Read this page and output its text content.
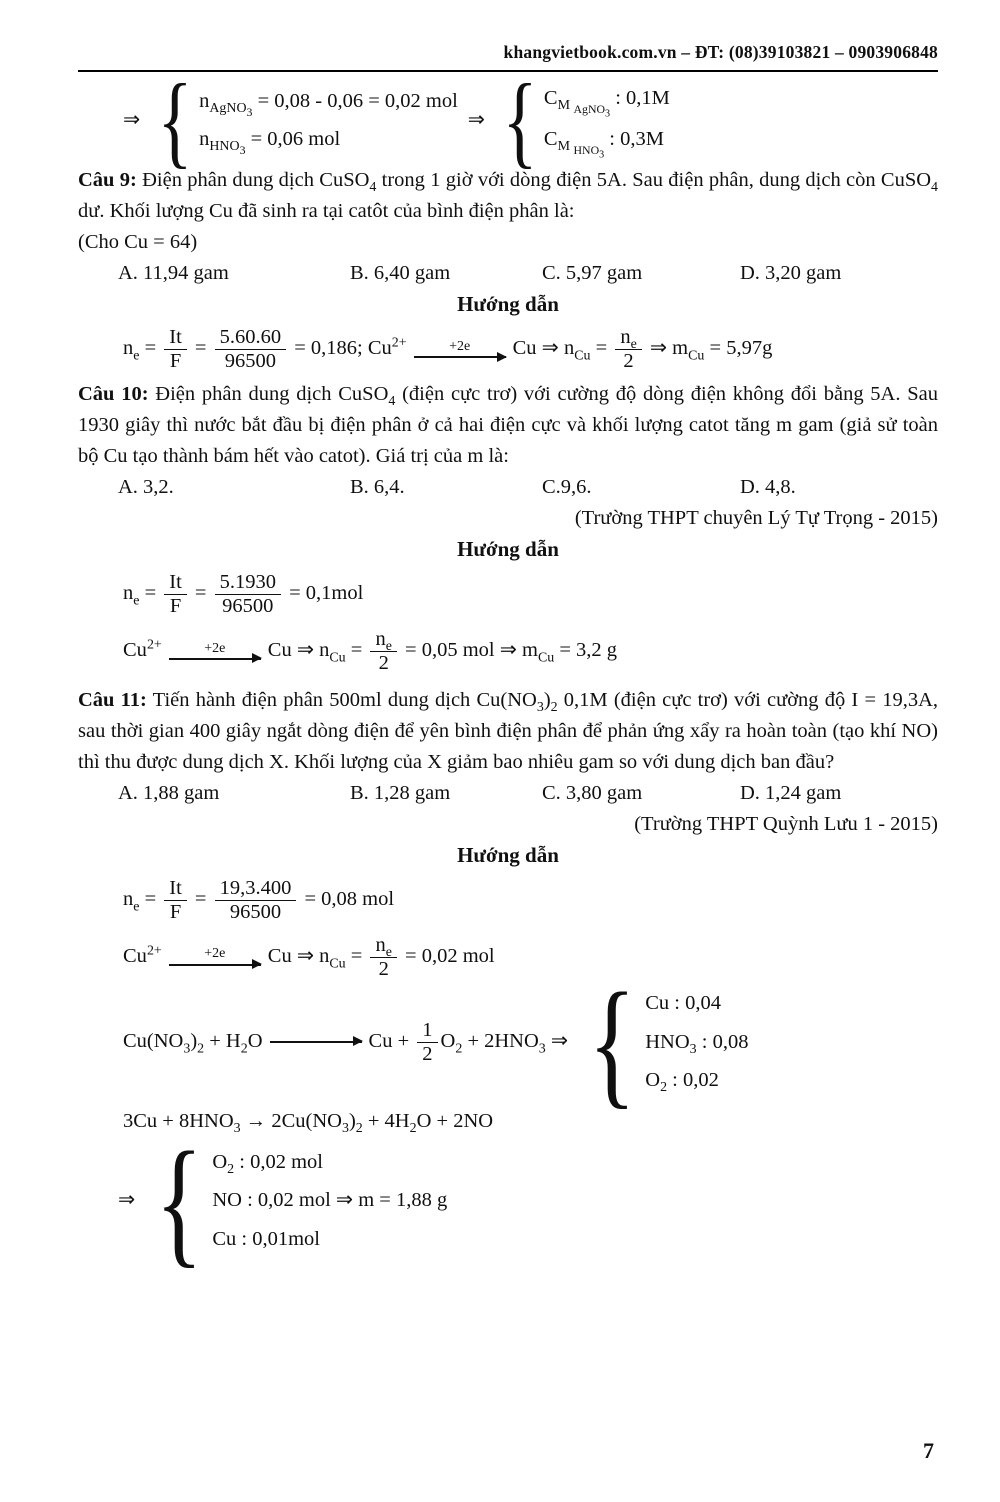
khangvietbook.com.vn – ĐT: (08)39103821 – 0903906848
⇒ { $n_{AgNO_3} = 0,08 - 0,06 = 0,02$ mol
$n_{HNO_3} = 0,06$ mol
⇒ { $C_{M _{AgNO_3}}$ : 0,1M
$C_{M _{HNO_3}}$ : 0,3M

Câu 9: Điện phân dung dịch CuSO$_4$ trong 1 giờ với dòng điện 5A. Sau điện phân, dung dịch còn CuSO$_4$ dư. Khối lượng Cu đã sinh ra tại catôt của bình điện phân là:

(Cho Cu = 64)
A. 11,94 gam	B. 6,40 gam	C. 5,97 gam	D. 3,20 gam
Hướng dẫn
$n_e = \frac{It}{F} = \frac{5.60.60}{96500} = 0,186$; $Cu^{2+}$	+2e Cu ⇒ $n_{Cu} = \frac{n_e}{2}$ ⇒ $m_{Cu} = 5,97g$

Câu 10: Điện phân dung dịch CuSO$_4$ (điện cực trơ) với cường độ dòng điện không đổi bằng 5A. Sau 1930 giây thì nước bắt đầu bị điện phân ở cả hai điện cực và khối lượng catot tăng m gam (giả sử toàn bộ Cu tạo thành bám hết vào catot). Giá trị của m là:

A. 3,2.	B. 6,4.	C.9,6.	D. 4,8.
(Trường THPT chuyên Lý Tự Trọng - 2015)
Hướng dẫn
$n_e = \frac{It}{F} = \frac{5.1930}{96500} = 0,1mol$
$Cu^{2+}$	+2e Cu ⇒ $n_{Cu} = \frac{n_e}{2} = 0,05$ mol ⇒ $m_{Cu} = 3,2$ g

Câu 11: Tiến hành điện phân 500ml dung dịch $Cu(NO_3)_2$ 0,1M (điện cực trơ) với cường độ I = 19,3A, sau thời gian 400 giây ngắt dòng điện để yên bình điện phân để phản ứng xẩy ra hoàn toàn (tạo khí NO) thì thu được dung dịch X. Khối lượng của X giảm bao nhiêu gam so với dung dịch ban đầu?

A. 1,88 gam	B. 1,28 gam	C. 3,80 gam	D. 1,24 gam
(Trường THPT Quỳnh Lưu 1 - 2015)
Hướng dẫn
$n_e = \frac{It}{F} = \frac{19,3.400}{96500} = 0,08$ mol
$Cu^{2+}$	+2e Cu ⇒ $n_{Cu} = \frac{n_e}{2} = 0,02$ mol
$Cu(NO_3)_2 + H_2O$	$Cu + \frac{1}{2} O_2 + 2HNO_3$ ⇒ { Cu : 0,04
$HNO_3$ : 0,08
$O_2$ : 0,02
$3Cu + 8HNO_3 \to 2Cu(NO_3)_2 + 4H_2O + 2NO$
⇒ { $O_2$ : 0,02 mol
NO : 0,02 mol ⇒ m = 1,88 g
Cu : 0,01mol
7
